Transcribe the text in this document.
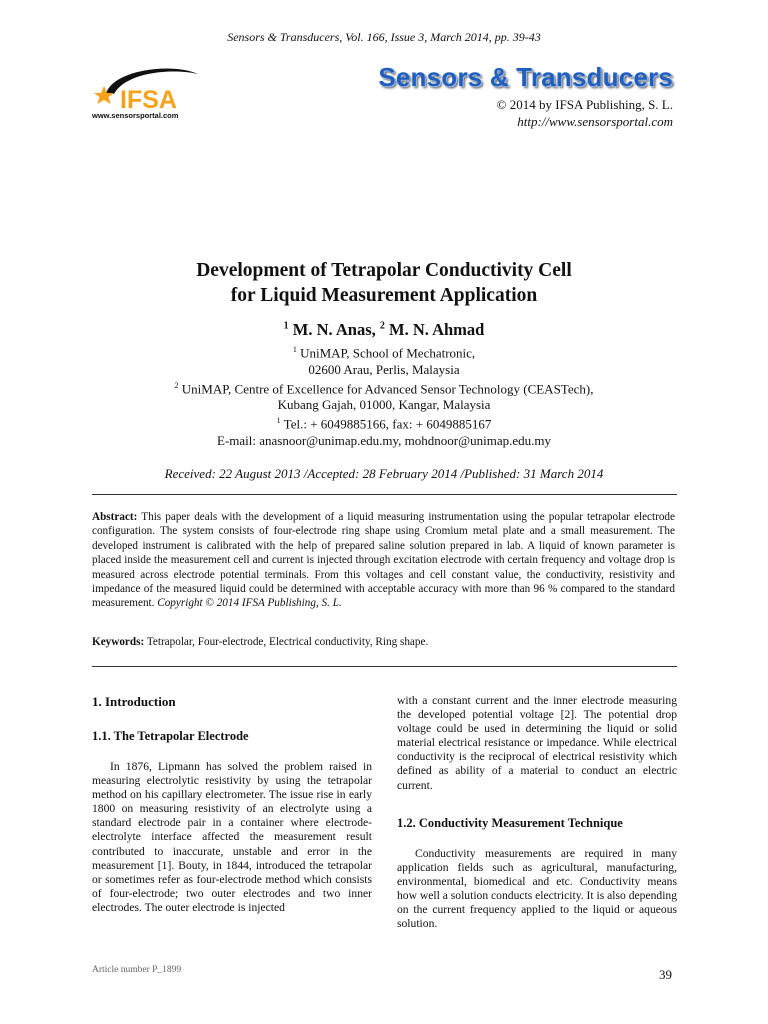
Sensors & Transducers, Vol. 166, Issue 3, March 2014, pp. 39-43
IFSA
www.sensorsportal.com
Sensors & Transducers
© 2014 by IFSA Publishing, S. L.
http://www.sensorsportal.com
Development of Tetrapolar Conductivity Cell
for Liquid Measurement Application
$^1$ M. N. Anas, $^2$ M. N. Ahmad
$^1$ UniMAP, School of Mechatronic,
02600 Arau, Perlis, Malaysia
$^2$ UniMAP, Centre of Excellence for Advanced Sensor Technology (CEASTech),
Kubang Gajah, 01000, Kangar, Malaysia
$^1$ Tel.: + 6049885166, fax: + 6049885167
E-mail: anasnoor@unimap.edu.my, mohdnoor@unimap.edu.my
Received: 22 August 2013 /Accepted: 28 February 2014 /Published: 31 March 2014
Abstract: This paper deals with the development of a liquid measuring instrumentation using the popular tetrapolar electrode configuration. The system consists of four-electrode ring shape using Cromium metal plate and a small measurement. The developed instrument is calibrated with the help of prepared saline solution prepared in lab. A liquid of known parameter is placed inside the measurement cell and current is injected through excitation electrode with certain frequency and voltage drop is measured across electrode potential terminals. From this voltages and cell constant value, the conductivity, resistivity and impedance of the measured liquid could be determined with acceptable accuracy with more than 96 % compared to the standard measurement. Copyright © 2014 IFSA Publishing, S. L.
Keywords: Tetrapolar, Four-electrode, Electrical conductivity, Ring shape.
1. Introduction
1.1. The Tetrapolar Electrode

In 1876, Lipmann has solved the problem raised in measuring electrolytic resistivity by using the tetrapolar method on his capillary electrometer. The issue rise in early 1800 on measuring resistivity of an electrolyte using a standard electrode pair in a container where electrode-electrolyte interface affected the measurement result contributed to inaccurate, unstable and error in the measurement [1]. Bouty, in 1844, introduced the tetrapolar or sometimes refer as four-electrode method which consists of four-electrode; two outer electrodes and two inner electrodes. The outer electrode is injected

with a constant current and the inner electrode measuring the developed potential voltage [2]. The potential drop voltage could be used in determining the liquid or solid material electrical resistance or impedance. While electrical conductivity is the reciprocal of electrical resistivity which defined as ability of a material to conduct an electric current.

1.2. Conductivity Measurement Technique

Conductivity measurements are required in many application fields such as agricultural, manufacturing, environmental, biomedical and etc. Conductivity means how well a solution conducts electricity. It is also depending on the current frequency applied to the liquid or aqueous solution.

Article number P_1899	39
